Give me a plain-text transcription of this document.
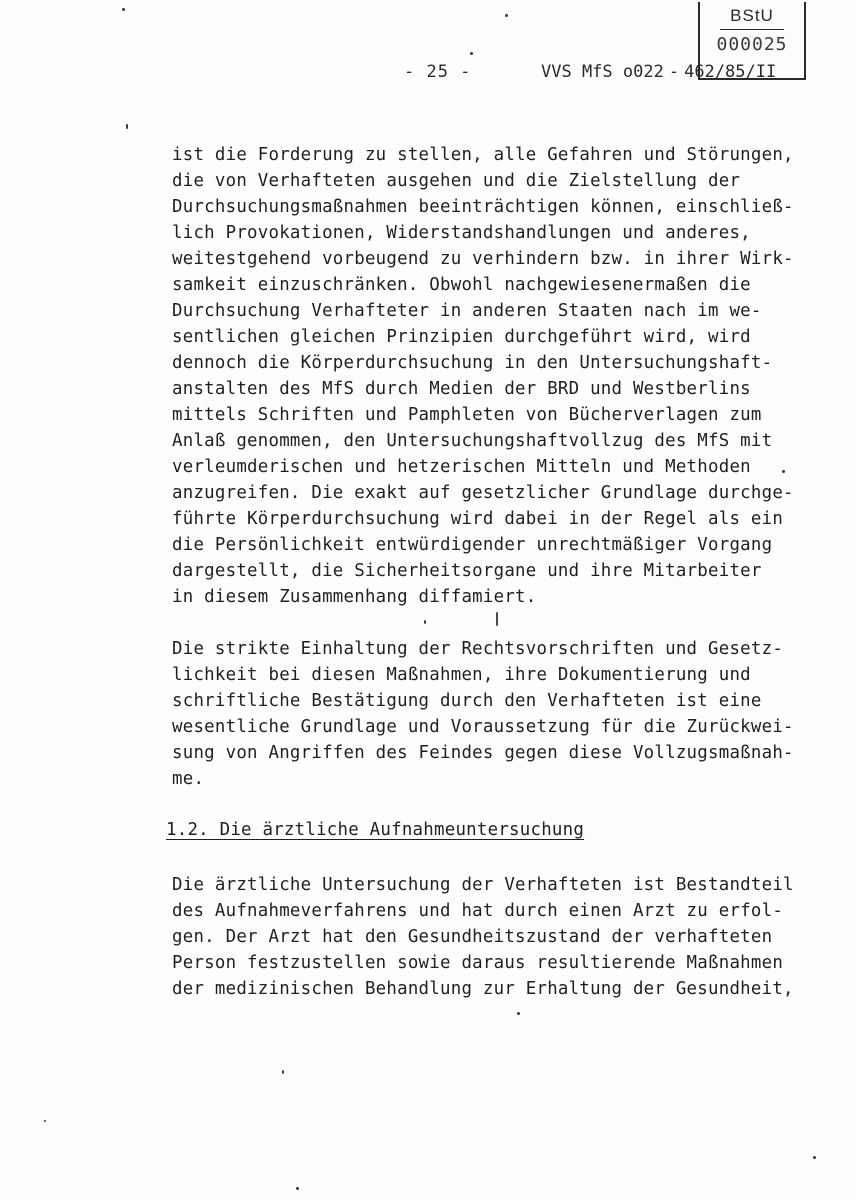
BStU
000025
- 25 -	VVS MfS o022 - 462/85/II
ist die Forderung zu stellen, alle Gefahren und Störungen,
die von Verhafteten ausgehen und die Zielstellung der
Durchsuchungsmaßnahmen beeinträchtigen können, einschließ-
lich Provokationen, Widerstandshandlungen und anderes,
weitestgehend vorbeugend zu verhindern bzw. in ihrer Wirk-
samkeit einzuschränken. Obwohl nachgewiesenermaßen die
Durchsuchung Verhafteter in anderen Staaten nach im we-
sentlichen gleichen Prinzipien durchgeführt wird, wird
dennoch die Körperdurchsuchung in den Untersuchungshaft-
anstalten des MfS durch Medien der BRD und Westberlins
mittels Schriften und Pamphleten von Bücherverlagen zum
Anlaß genommen, den Untersuchungshaftvollzug des MfS mit
verleumderischen und hetzerischen Mitteln und Methoden
anzugreifen. Die exakt auf gesetzlicher Grundlage durchge-
führte Körperdurchsuchung wird dabei in der Regel als ein
die Persönlichkeit entwürdigender unrechtmäßiger Vorgang
dargestellt, die Sicherheitsorgane und ihre Mitarbeiter
in diesem Zusammenhang diffamiert.
Die strikte Einhaltung der Rechtsvorschriften und Gesetz-
lichkeit bei diesen Maßnahmen, ihre Dokumentierung und
schriftliche Bestätigung durch den Verhafteten ist eine
wesentliche Grundlage und Voraussetzung für die Zurückwei-
sung von Angriffen des Feindes gegen diese Vollzugsmaßnah-
me.
1.2. Die ärztliche Aufnahmeuntersuchung
Die ärztliche Untersuchung der Verhafteten ist Bestandteil
des Aufnahmeverfahrens und hat durch einen Arzt zu erfol-
gen. Der Arzt hat den Gesundheitszustand der verhafteten
Person festzustellen sowie daraus resultierende Maßnahmen
der medizinischen Behandlung zur Erhaltung der Gesundheit,
